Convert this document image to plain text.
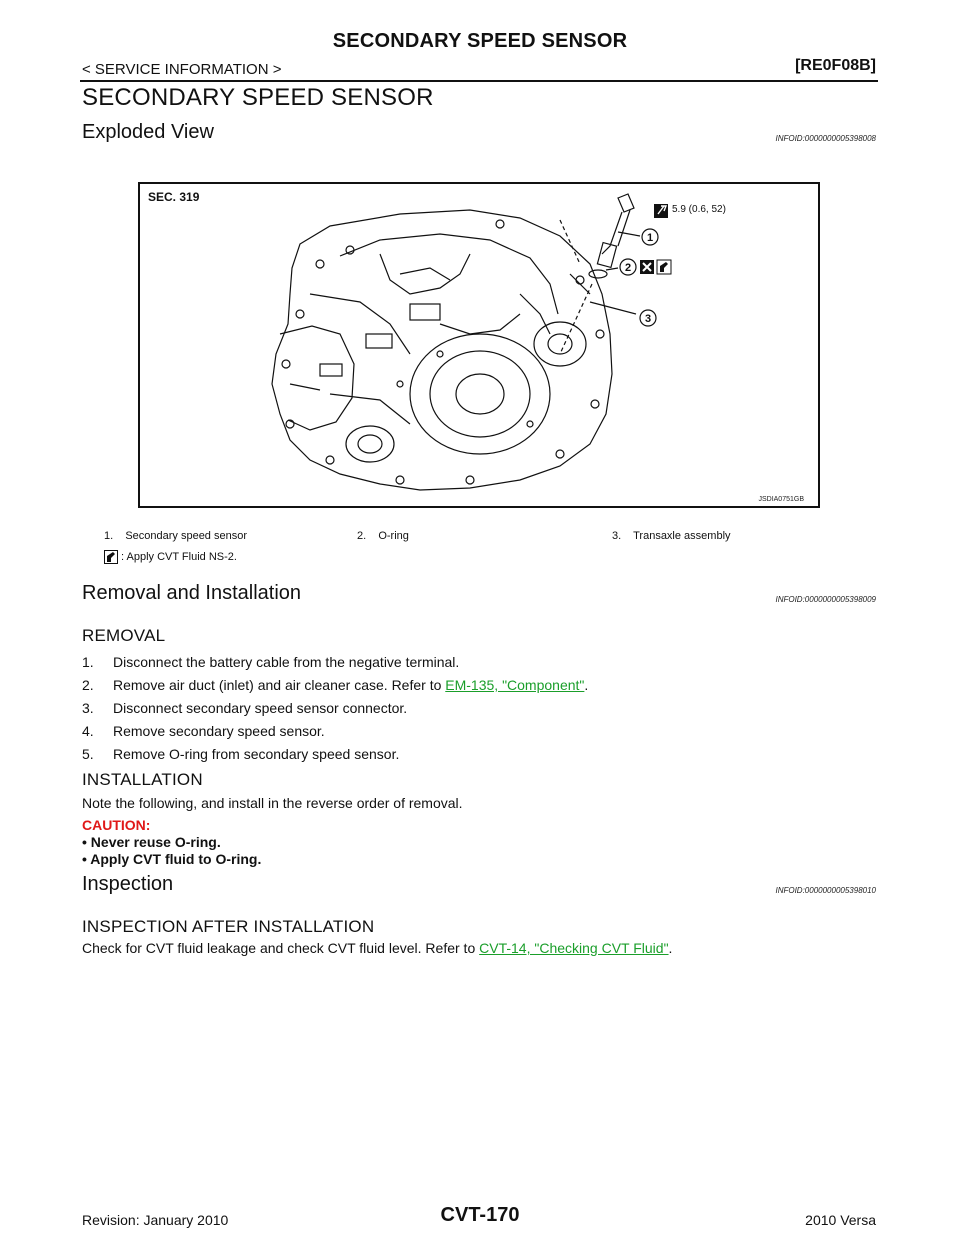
SECONDARY SPEED SENSOR
< SERVICE INFORMATION >	[RE0F08B]
SECONDARY SPEED SENSOR
Exploded View	INFOID:0000000005398008
SEC. 319
1
2
3
5.9 (0.6, 52)
JSDIA0751GB
1. Secondary speed sensor	2. O-ring	3. Transaxle assembly
: Apply CVT Fluid NS-2.
Removal and Installation	INFOID:0000000005398009
REMOVAL
1.	Disconnect the battery cable from the negative terminal.
2.	Remove air duct (inlet) and air cleaner case. Refer to EM-135, "Component" .
3.	Disconnect secondary speed sensor connector.
4.	Remove secondary speed sensor.
5.	Remove O-ring from secondary speed sensor.
INSTALLATION
Note the following, and install in the reverse order of removal.
CAUTION:
• Never reuse O-ring.
• Apply CVT fluid to O-ring.
Inspection	INFOID:0000000005398010
INSPECTION AFTER INSTALLATION
Check for CVT fluid leakage and check CVT fluid level. Refer to CVT-14, "Checking CVT Fluid".
Revision: January 2010	CVT-170	2010 Versa
